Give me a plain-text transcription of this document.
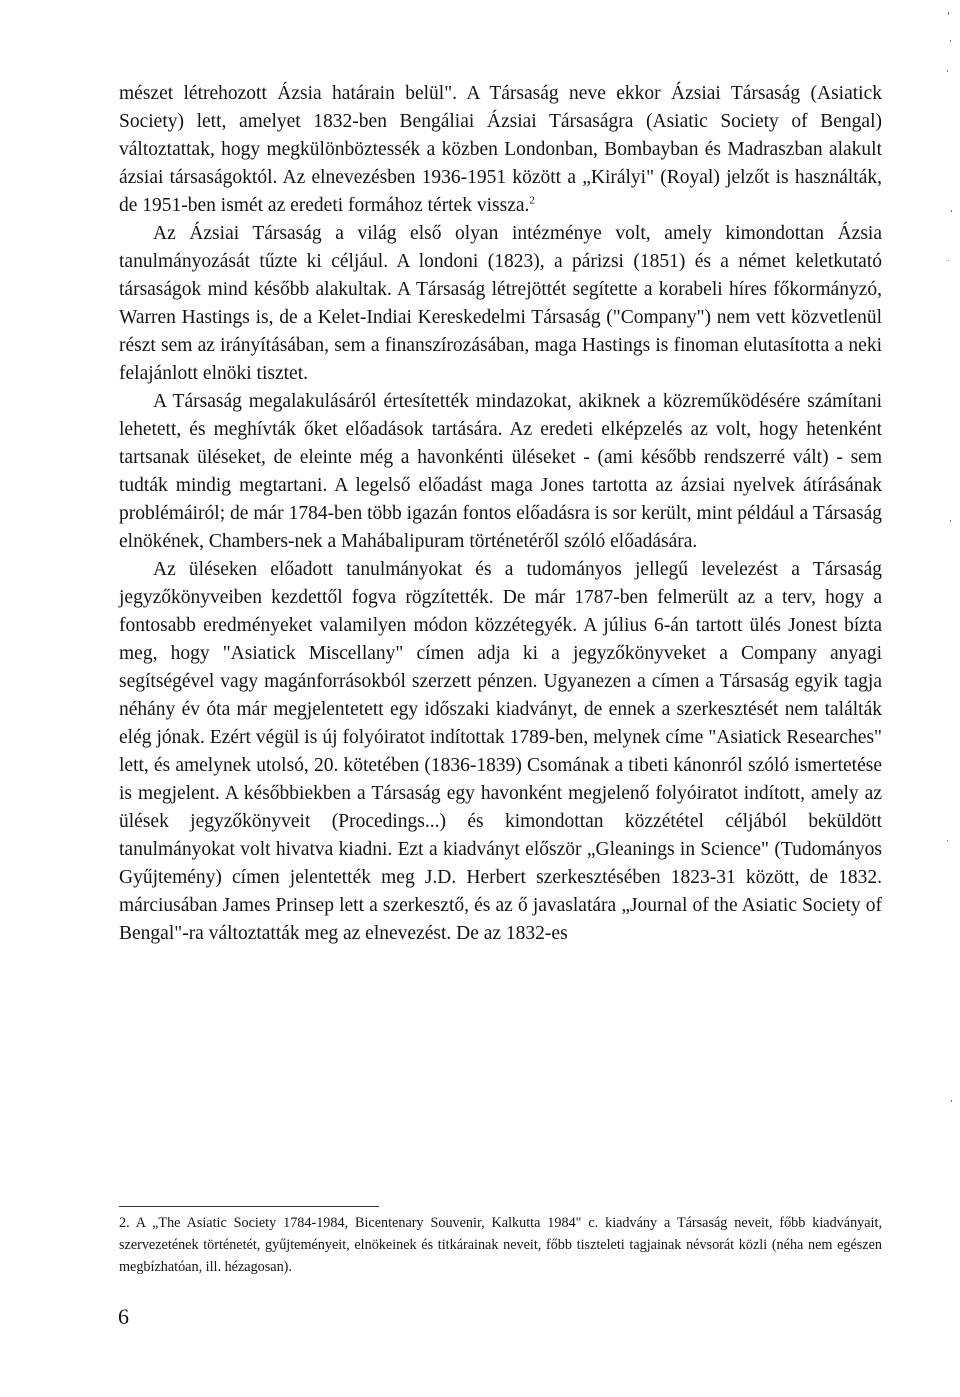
mészet létrehozott Ázsia határain belül". A Társaság neve ekkor Ázsiai Társaság (Asiatick Society) lett, amelyet 1832-ben Bengáliai Ázsiai Társaságra (Asiatic Society of Bengal) változtattak, hogy megkülönböztessék a közben Londonban, Bombayban és Madraszban alakult ázsiai társaságoktól. Az elnevezésben 1936-1951 között a „Királyi" (Royal) jelzőt is használták, de 1951-ben ismét az eredeti formához tértek vissza.$^2$

Az Ázsiai Társaság a világ első olyan intézménye volt, amely kimondottan Ázsia tanulmányozását tűzte ki céljául. A londoni (1823), a párizsi (1851) és a német keletkutató társaságok mind később alakultak. A Társaság létrejöttét segítette a korabeli híres főkormányzó, Warren Hastings is, de a Kelet-Indiai Kereskedelmi Társaság ("Company") nem vett közvetlenül részt sem az irányításában, sem a finanszírozásában, maga Hastings is finoman elutasította a neki felajánlott elnöki tisztet.

A Társaság megalakulásáról értesítették mindazokat, akiknek a közreműködésére számítani lehetett, és meghívták őket előadások tartására. Az eredeti elképzelés az volt, hogy hetenként tartsanak üléseket, de eleinte még a havonkénti üléseket - (ami később rendszerré vált) - sem tudták mindig megtartani. A legelső előadást maga Jones tartotta az ázsiai nyelvek átírásának problémáiról; de már 1784-ben több igazán fontos előadásra is sor került, mint például a Társaság elnökének, Chambers-nek a Mahábalipuram történetéről szóló előadására.

Az üléseken előadott tanulmányokat és a tudományos jellegű levelezést a Társaság jegyzőkönyveiben kezdettől fogva rögzítették. De már 1787-ben felmerült az a terv, hogy a fontosabb eredményeket valamilyen módon közzétegyék. A július 6-án tartott ülés Jonest bízta meg, hogy "Asiatick Miscellany" címen adja ki a jegyzőkönyveket a Company anyagi segítségével vagy magánforrásokból szerzett pénzen. Ugyanezen a címen a Társaság egyik tagja néhány év óta már megjelentetett egy időszaki kiadványt, de ennek a szerkesztését nem találták elég jónak. Ezért végül is új folyóiratot indítottak 1789-ben, melynek címe "Asiatick Researches" lett, és amelynek utolsó, 20. kötetében (1836-1839) Csomának a tibeti kánonról szóló ismertetése is megjelent. A későbbiekben a Társaság egy havonként megjelenő folyóiratot indított, amely az ülések jegyzőkönyveit (Procedings...) és kimondottan közzététel céljából beküldött tanulmányokat volt hivatva kiadni. Ezt a kiadványt először „Gleanings in Science" (Tudományos Gyűjtemény) címen jelentették meg J.D. Herbert szerkesztésében 1823-31 között, de 1832. márciusában James Prinsep lett a szerkesztő, és az ő javaslatára „Journal of the Asiatic Society of Bengal"-ra változtatták meg az elnevezést. De az 1832-es

2. A „The Asiatic Society 1784-1984, Bicentenary Souvenir, Kalkutta 1984" c. kiadvány a Társaság neveit, főbb kiadványait, szervezetének történetét, gyűjteményeit, elnökeinek és titkárainak neveit, főbb tiszteleti tagjainak névsorát közli (néha nem egészen megbízhatóan, ill. hézagosan).
6
